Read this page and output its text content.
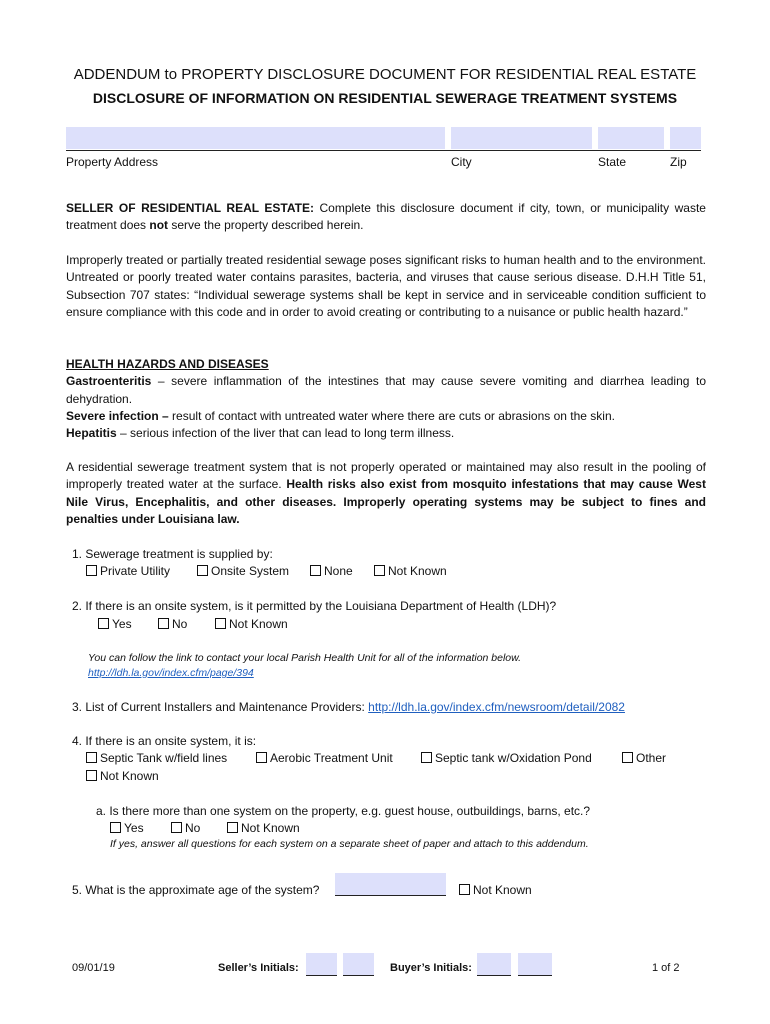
ADDENDUM to PROPERTY DISCLOSURE DOCUMENT FOR RESIDENTIAL REAL ESTATE
DISCLOSURE OF INFORMATION ON RESIDENTIAL SEWERAGE TREATMENT SYSTEMS
Property Address	City	State	Zip
SELLER OF RESIDENTIAL REAL ESTATE: Complete this disclosure document if city, town, or municipality waste treatment does not serve the property described herein.
Improperly treated or partially treated residential sewage poses significant risks to human health and to the environment. Untreated or poorly treated water contains parasites, bacteria, and viruses that cause serious disease. D.H.H Title 51, Subsection 707 states: “Individual sewerage systems shall be kept in service and in serviceable condition sufficient to ensure compliance with this code and in order to avoid creating or contributing to a nuisance or public health hazard.”
HEALTH HAZARDS AND DISEASES
Gastroenteritis – severe inflammation of the intestines that may cause severe vomiting and diarrhea leading to dehydration.
Severe infection – result of contact with untreated water where there are cuts or abrasions on the skin.
Hepatitis – serious infection of the liver that can lead to long term illness.
A residential sewerage treatment system that is not properly operated or maintained may also result in the pooling of improperly treated water at the surface. Health risks also exist from mosquito infestations that may cause West Nile Virus, Encephalitis, and other diseases. Improperly operating systems may be subject to fines and penalties under Louisiana law.
1. Sewerage treatment is supplied by:
Private Utility	Onsite System	None	Not Known
2. If there is an onsite system, is it permitted by the Louisiana Department of Health (LDH)?
Yes	No	Not Known
You can follow the link to contact your local Parish Health Unit for all of the information below.
http://ldh.la.gov/index.cfm/page/394
3. List of Current Installers and Maintenance Providers: http://ldh.la.gov/index.cfm/newsroom/detail/2082
4. If there is an onsite system, it is:
Septic Tank w/field lines	Aerobic Treatment Unit	Septic tank w/Oxidation Pond	Other
Not Known
a. Is there more than one system on the property, e.g. guest house, outbuildings, barns, etc.?
Yes	No	Not Known
If yes, answer all questions for each system on a separate sheet of paper and attach to this addendum.
5. What is the approximate age of the system?	Not Known
09/01/19	Seller’s Initials:	Buyer’s Initials:	1 of 2
